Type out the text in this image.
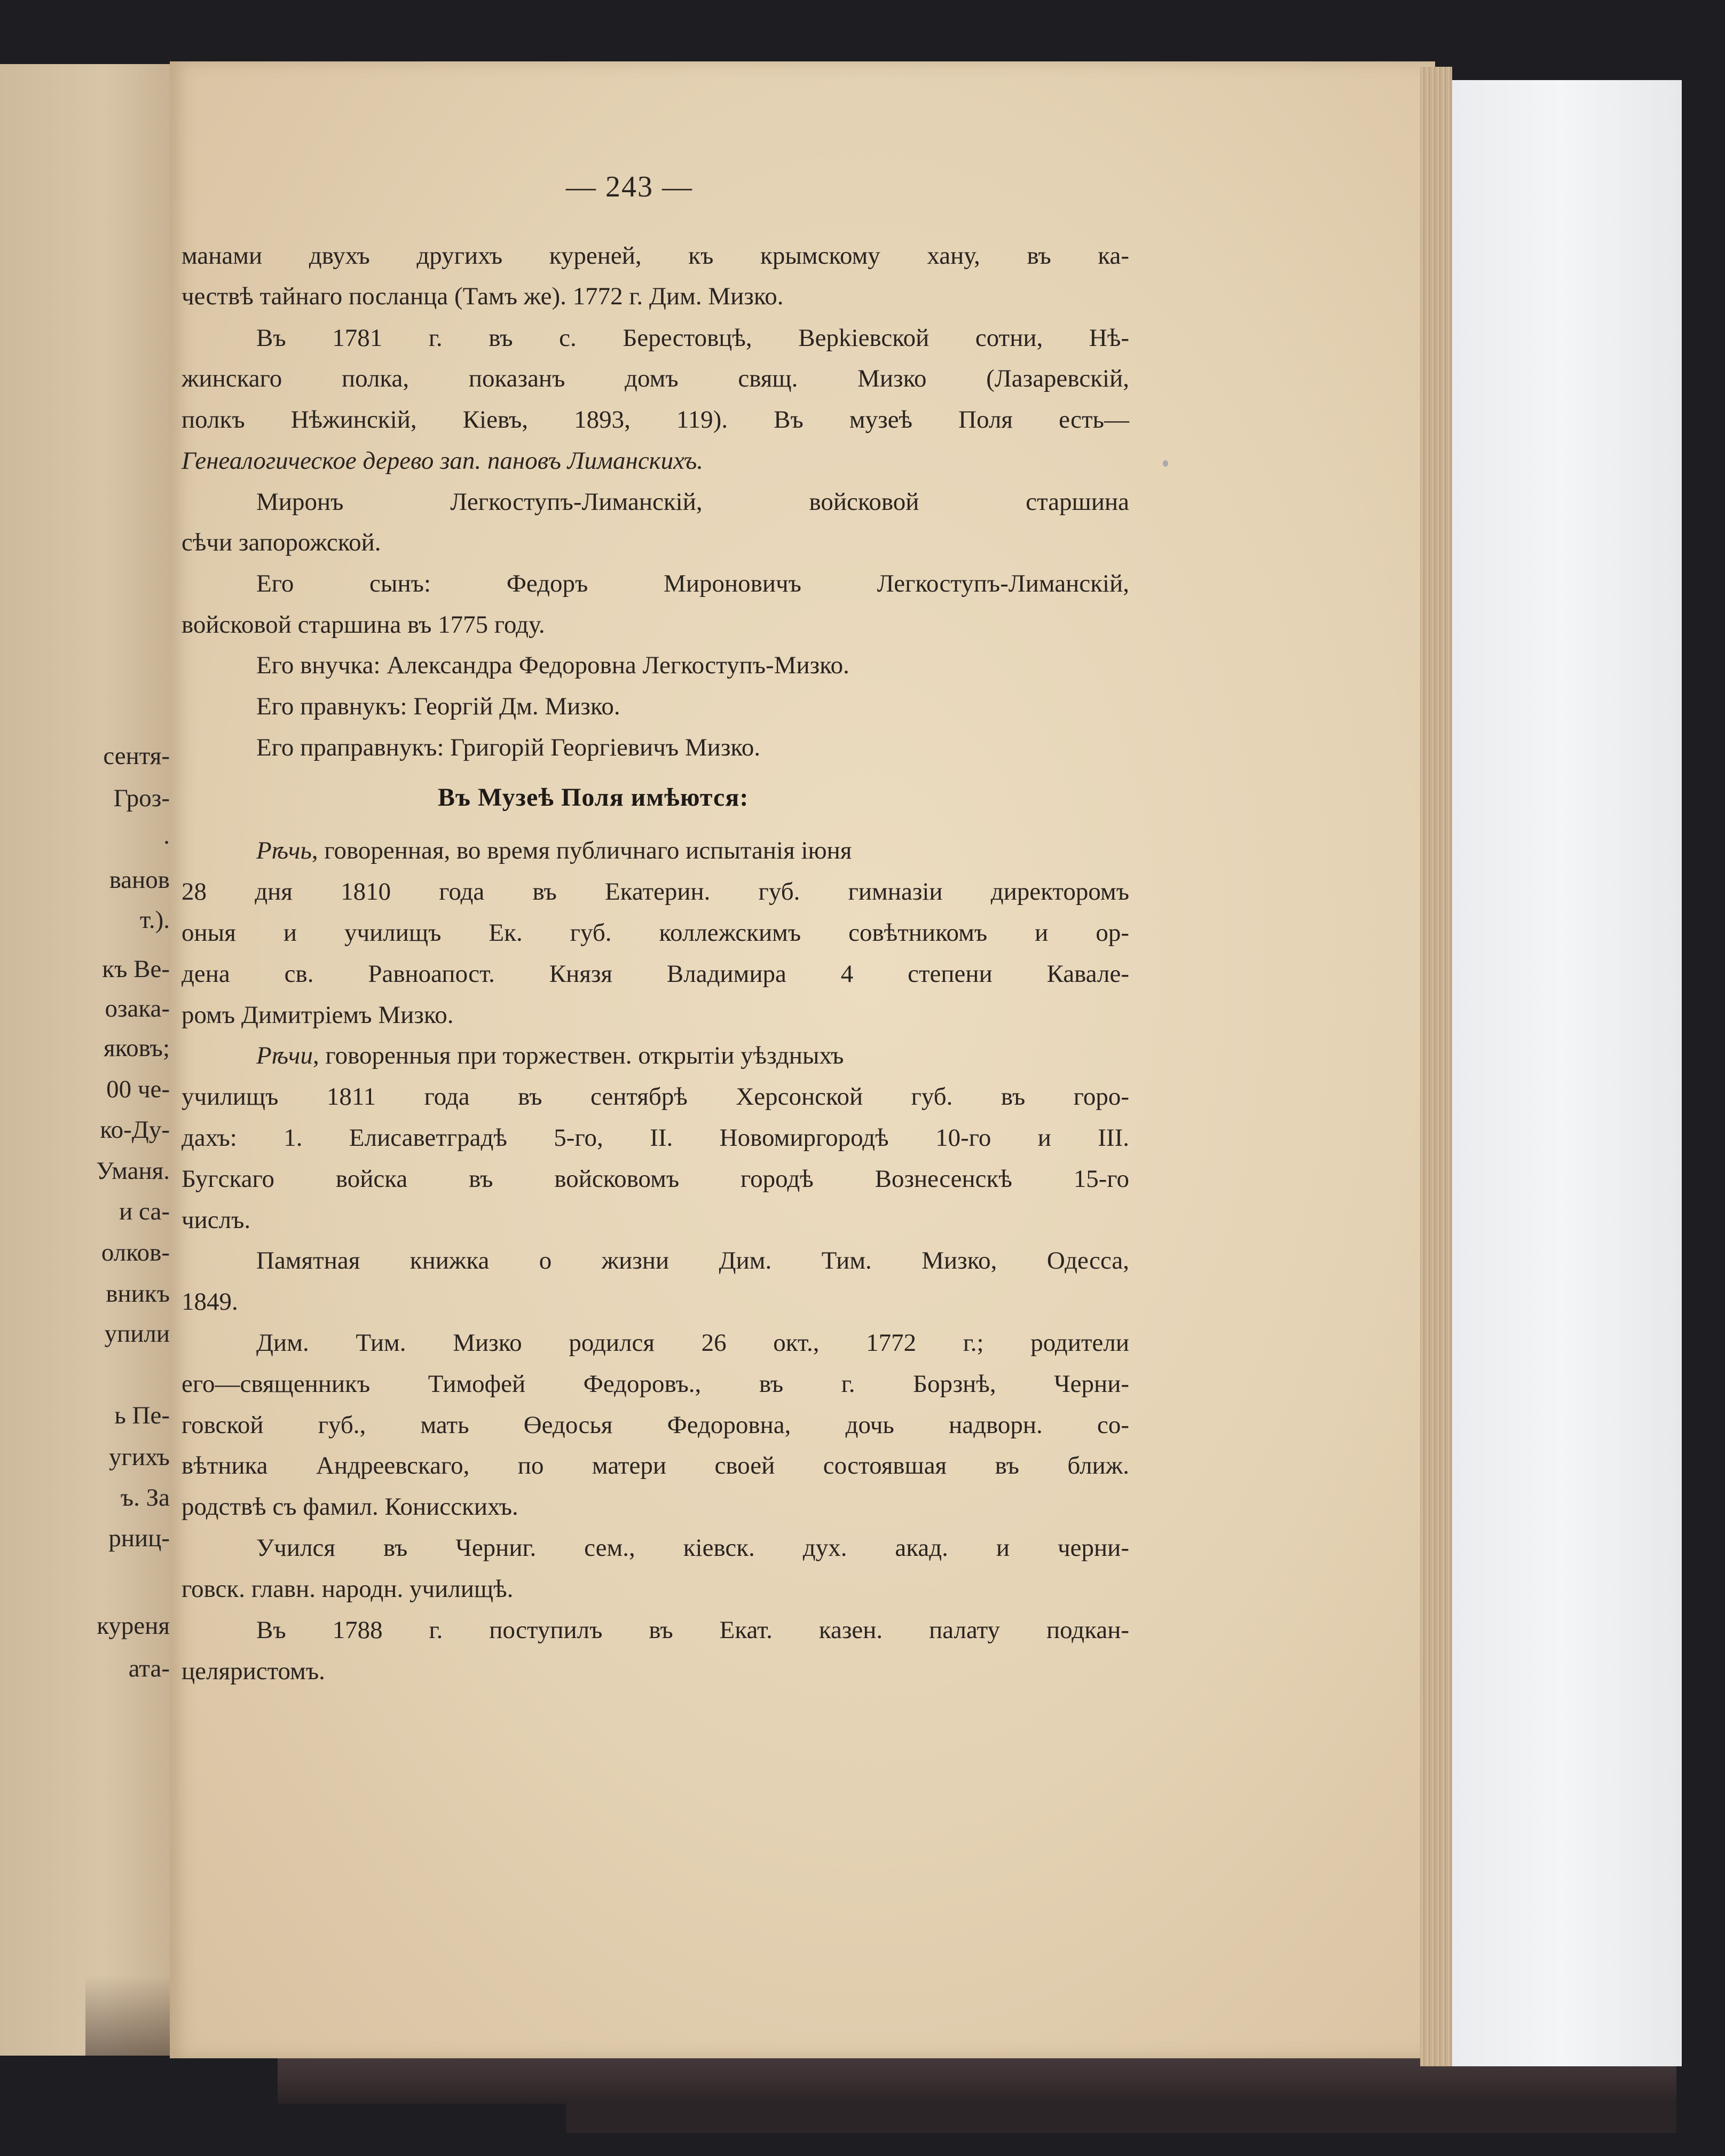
сентя-
Гроз-
.
ванов
т.).
къ Ве-
озака-
яковъ;
00 че-
ко-Ду-
Уманя.
и са-
олков-
вникъ
упили
ь Пе-
угихъ
ъ. За
рниц-
куреня
ата-
— 243 —
манами двухъ другихъ куреней, къ крымскому хану, въ ка-
чествѣ тайнаго посланца (Тамъ же). 1772 г. Дим. Мизко.
Въ 1781 г. въ с. Берестовцѣ, Верkiевской сотни, Нѣ-
жинскаго полка, показанъ домъ свящ. Мизко (Лазаревскiй,
полкъ Нѣжинскiй, Кiевъ, 1893, 119). Въ музеѣ Поля есть—
Генеалогическое дерево зап. пановъ Лиманскихъ.
Миронъ Легкоступъ-Лиманскiй, войсковой старшина
сѣчи запорожской.
Его сынъ: Федоръ Мироновичъ Легкоступъ-Лиманскiй,
войсковой старшина въ 1775 году.
Его внучка: Александра Федоровна Легкоступъ-Мизко.
Его правнукъ: Георгiй Дм. Мизко.
Его праправнукъ: Григорiй Георгiевичъ Мизко.
Въ Музеѣ Поля имѣются:
Рѣчь, говоренная, во время публичнаго испытанiя iюня
28 дня 1810 года въ Екатерин. губ. гимназiи директоромъ
оныя и училищъ Ек. губ. коллежскимъ совѣтникомъ и ор-
дена св. Равноапост. Князя Владимира 4 степени Кавале-
ромъ Димитрiемъ Мизко.
Рѣчи, говоренныя при торжествен. открытiи уѣздныхъ
училищъ 1811 года въ сентябрѣ Херсонской губ. въ горо-
дахъ: 1. Елисаветградѣ 5-го, II. Новомиргородѣ 10-го и III.
Бугскаго войска въ войсковомъ городѣ Вознесенскѣ 15-го
числъ.
Памятная книжка о жизни Дим. Тим. Мизко, Одесса,
1849.
Дим. Тим. Мизко родился 26 окт., 1772 г.; родители
его—священникъ Тимофей Федоровъ., въ г. Борзнѣ, Черни-
говской губ., мать Өедосья Федоровна, дочь надворн. со-
вѣтника Андреевскаго, по матери своей состоявшая въ ближ.
родствѣ съ фамил. Конисскихъ.
Учился въ Черниг. сем., кiевск. дух. акад. и черни-
говск. главн. народн. училищѣ.
Въ 1788 г. поступилъ въ Екат. казен. палату подкан-
целяристомъ.
